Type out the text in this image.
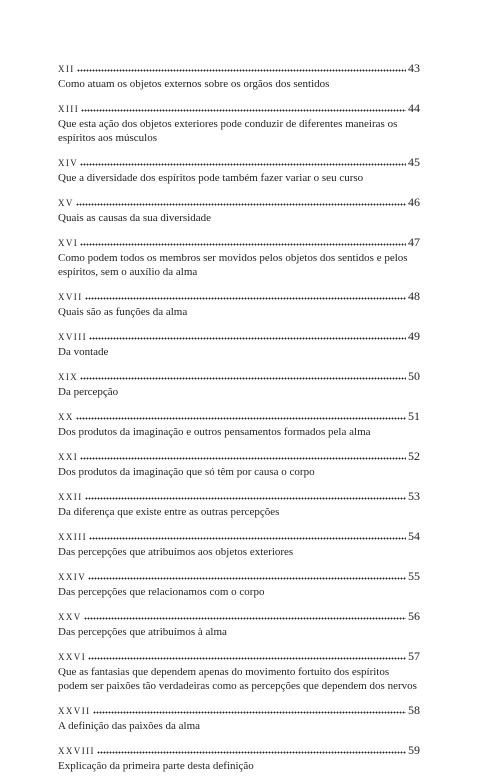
XII	43
Como atuam os objetos externos sobre os orgãos dos sentidos
XIII	44
Que esta ação dos objetos exteriores pode conduzir de diferentes maneiras os espíritos aos músculos
XIV	45
Que a diversidade dos espíritos pode também fazer variar o seu curso
XV	46
Quais as causas da sua diversidade
XVI	47
Como podem todos os membros ser movidos pelos objetos dos sentidos e pelos espíritos, sem o auxílio da alma
XVII	48
Quais são as funções da alma
XVIII	49
Da vontade
XIX	50
Da percepção
XX	51
Dos produtos da imaginação e outros pensamentos formados pela alma
XXI	52
Dos produtos da imaginação que só têm por causa o corpo
XXII	53
Da diferença que existe entre as outras percepções
XXIII	54
Das percepções que atribuímos aos objetos exteriores
XXIV	55
Das percepções que relacionamos com o corpo
XXV	56
Das percepções que atribuímos à alma
XXVI	57
Que as fantasias que dependem apenas do movimento fortuito dos espíritos podem ser paixões tão verdadeiras como as percepções que dependem dos nervos
XXVII	58
A definição das paixões da alma
XXVIII	59
Explicação da primeira parte desta definição
